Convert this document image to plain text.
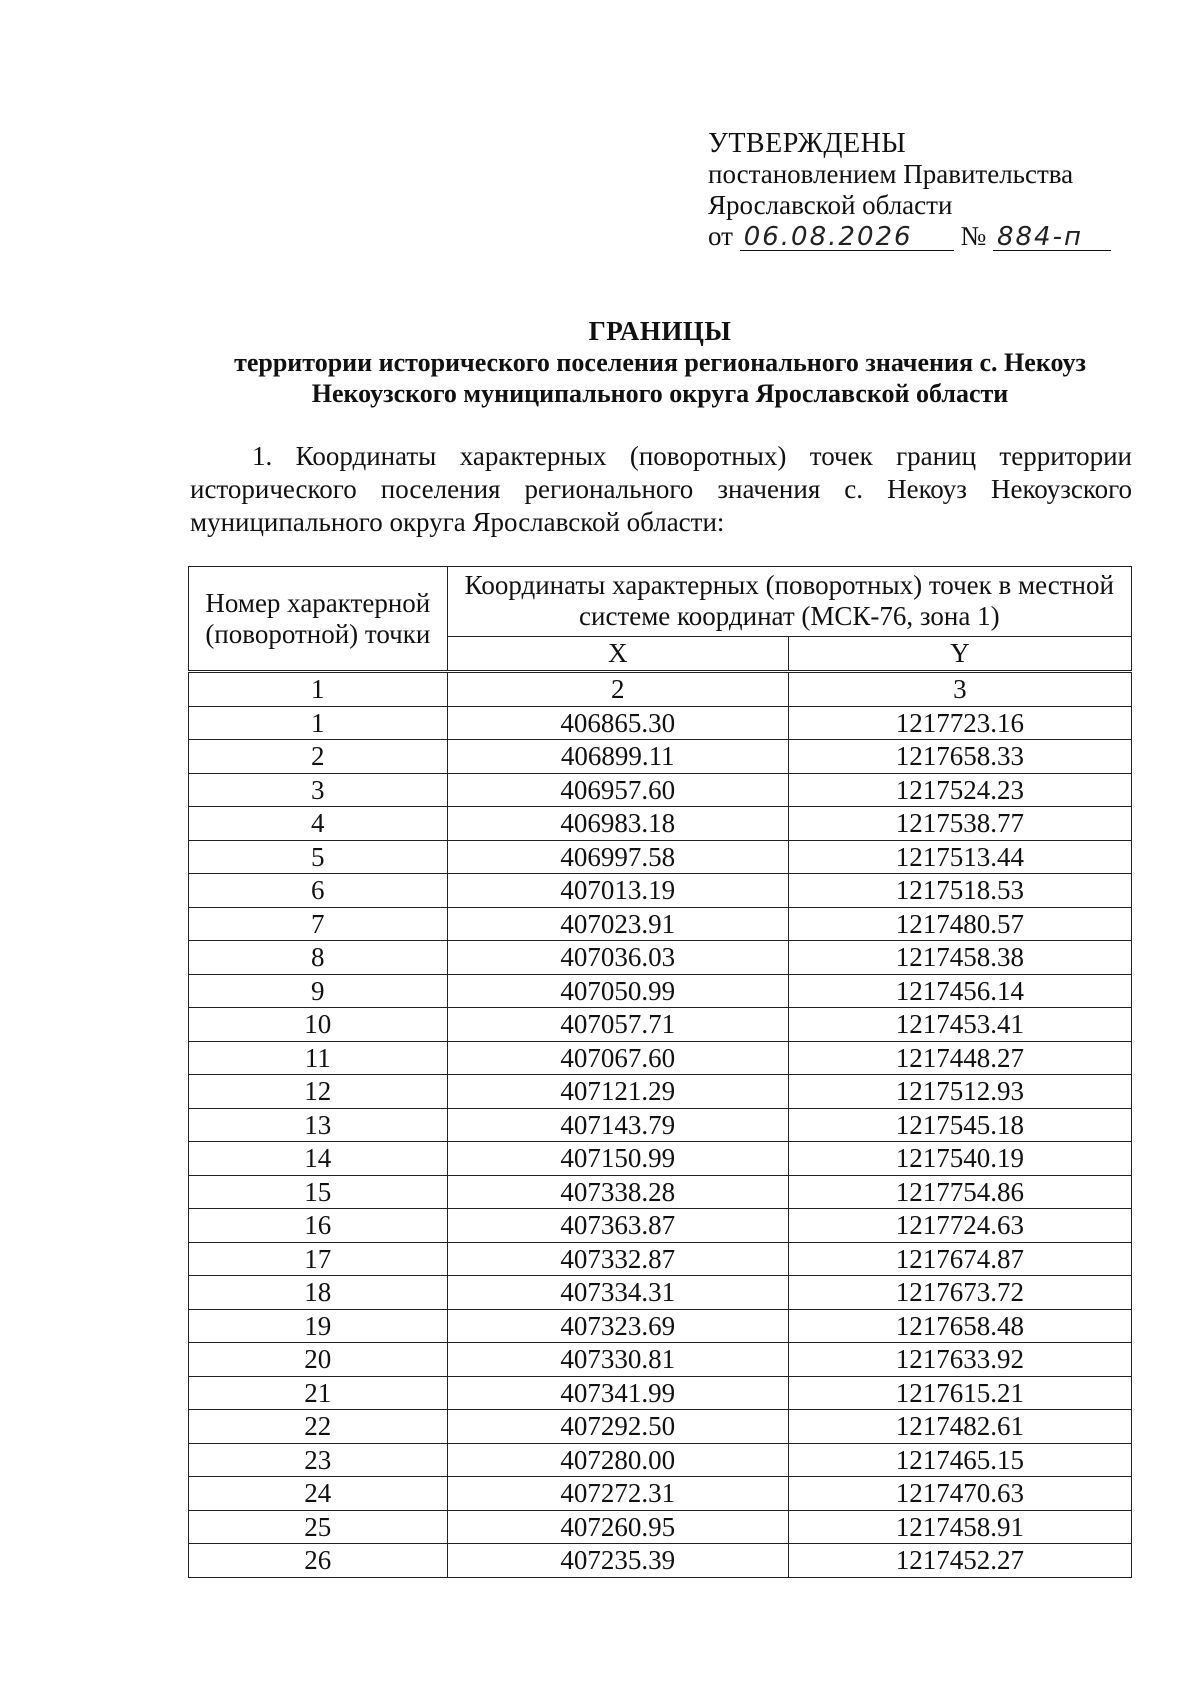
УТВЕРЖДЕНЫ
постановлением Правительства
Ярославской области
от 06.08.2026 № 884-п
ГРАНИЦЫ
территории исторического поселения регионального значения с. Некоуз
Некоузского муниципального округа Ярославской области
1. Координаты характерных (поворотных) точек границ территории исторического поселения регионального значения с. Некоуз Некоузского муниципального округа Ярославской области:
Номер характерной (поворотной) точки	Координаты характерных (поворотных) точек в местной системе координат (МСК-76, зона 1)	
	X	Y
1	2	3
1	406865.30	1217723.16
2	406899.11	1217658.33
3	406957.60	1217524.23
4	406983.18	1217538.77
5	406997.58	1217513.44
6	407013.19	1217518.53
7	407023.91	1217480.57
8	407036.03	1217458.38
9	407050.99	1217456.14
10	407057.71	1217453.41
11	407067.60	1217448.27
12	407121.29	1217512.93
13	407143.79	1217545.18
14	407150.99	1217540.19
15	407338.28	1217754.86
16	407363.87	1217724.63
17	407332.87	1217674.87
18	407334.31	1217673.72
19	407323.69	1217658.48
20	407330.81	1217633.92
21	407341.99	1217615.21
22	407292.50	1217482.61
23	407280.00	1217465.15
24	407272.31	1217470.63
25	407260.95	1217458.91
26	407235.39	1217452.27
